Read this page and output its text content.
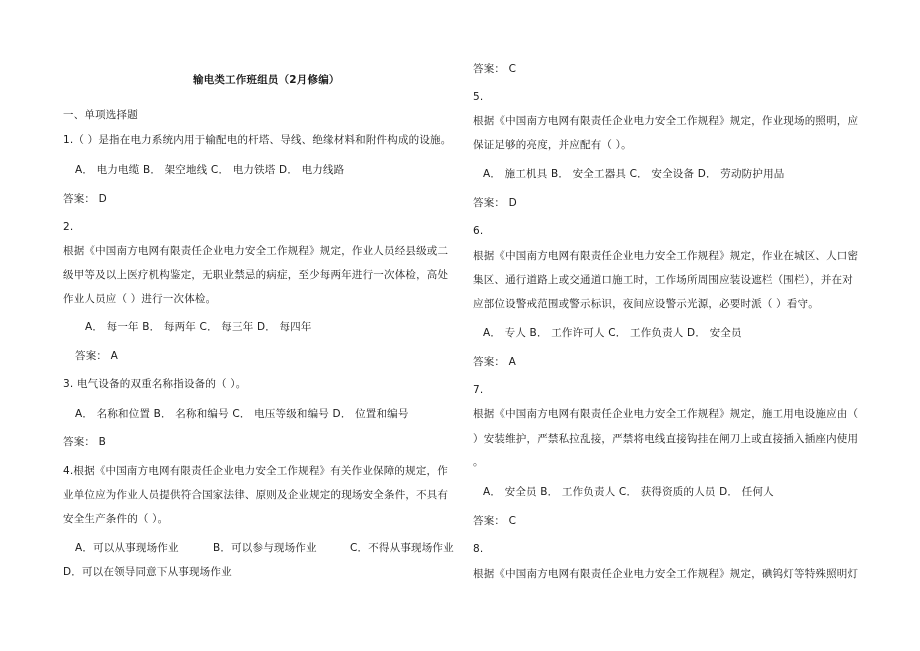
输电类工作班组员（2月修编）
一、单项选择题
1.（ ）是指在电力系统内用于输配电的杆塔、导线、绝缘材料和附件构成的设施。
A． 电力电缆 B． 架空地线 C． 电力铁塔 D． 电力线路
答案： D
2.
根据《中国南方电网有限责任企业电力安全工作规程》规定，作业人员经县级或二
级甲等及以上医疗机构鉴定，无职业禁忌的病症，至少每两年进行一次体检，高处
作业人员应（ ）进行一次体检。
A． 每一年 B． 每两年 C． 每三年 D． 每四年
答案： A
3. 电气设备的双重名称指设备的（ ）。
A． 名称和位置 B． 名称和编号 C． 电压等级和编号 D． 位置和编号
答案： B
4.根据《中国南方电网有限责任企业电力安全工作规程》有关作业保障的规定，作
业单位应为作业人员提供符合国家法律、原则及企业规定的现场安全条件，不具有
安全生产条件的（ ）。
A．可以从事现场作业	B．可以参与现场作业	C．不得从事现场作业
D．可以在领导同意下从事现场作业
答案： C
5.
根据《中国南方电网有限责任企业电力安全工作规程》规定，作业现场的照明，应
保证足够的亮度，并应配有（ ）。
A． 施工机具 B． 安全工器具 C． 安全设备 D． 劳动防护用品
答案： D
6.
根据《中国南方电网有限责任企业电力安全工作规程》规定，作业在城区、人口密
集区、通行道路上或交通道口施工时，工作场所周围应装设遮栏（围栏），并在对
应部位设警戒范围或警示标识，夜间应设警示光源，必要时派（ ）看守。
A． 专人 B． 工作许可人 C． 工作负责人 D． 安全员
答案： A
7.
根据《中国南方电网有限责任企业电力安全工作规程》规定，施工用电设施应由（
）安装维护，严禁私拉乱接，严禁将电线直接钩挂在闸刀上或直接插入插座内使用
。
A． 安全员 B． 工作负责人 C． 获得资质的人员 D． 任何人
答案： C
8.
根据《中国南方电网有限责任企业电力安全工作规程》规定，碘钨灯等特殊照明灯
